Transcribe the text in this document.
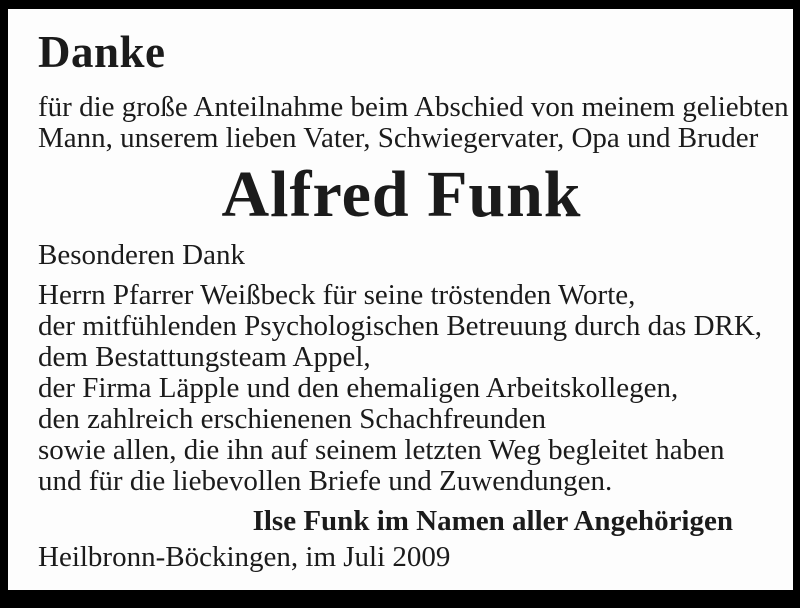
Danke
für die große Anteilnahme beim Abschied von meinem geliebten
Mann, unserem lieben Vater, Schwiegervater, Opa und Bruder
Alfred Funk
Besonderen Dank
Herrn Pfarrer Weißbeck für seine tröstenden Worte,
der mitfühlenden Psychologischen Betreuung durch das DRK,
dem Bestattungsteam Appel,
der Firma Läpple und den ehemaligen Arbeitskollegen,
den zahlreich erschienenen Schachfreunden
sowie allen, die ihn auf seinem letzten Weg begleitet haben
und für die liebevollen Briefe und Zuwendungen.
Ilse Funk im Namen aller Angehörigen
Heilbronn-Böckingen, im Juli 2009
